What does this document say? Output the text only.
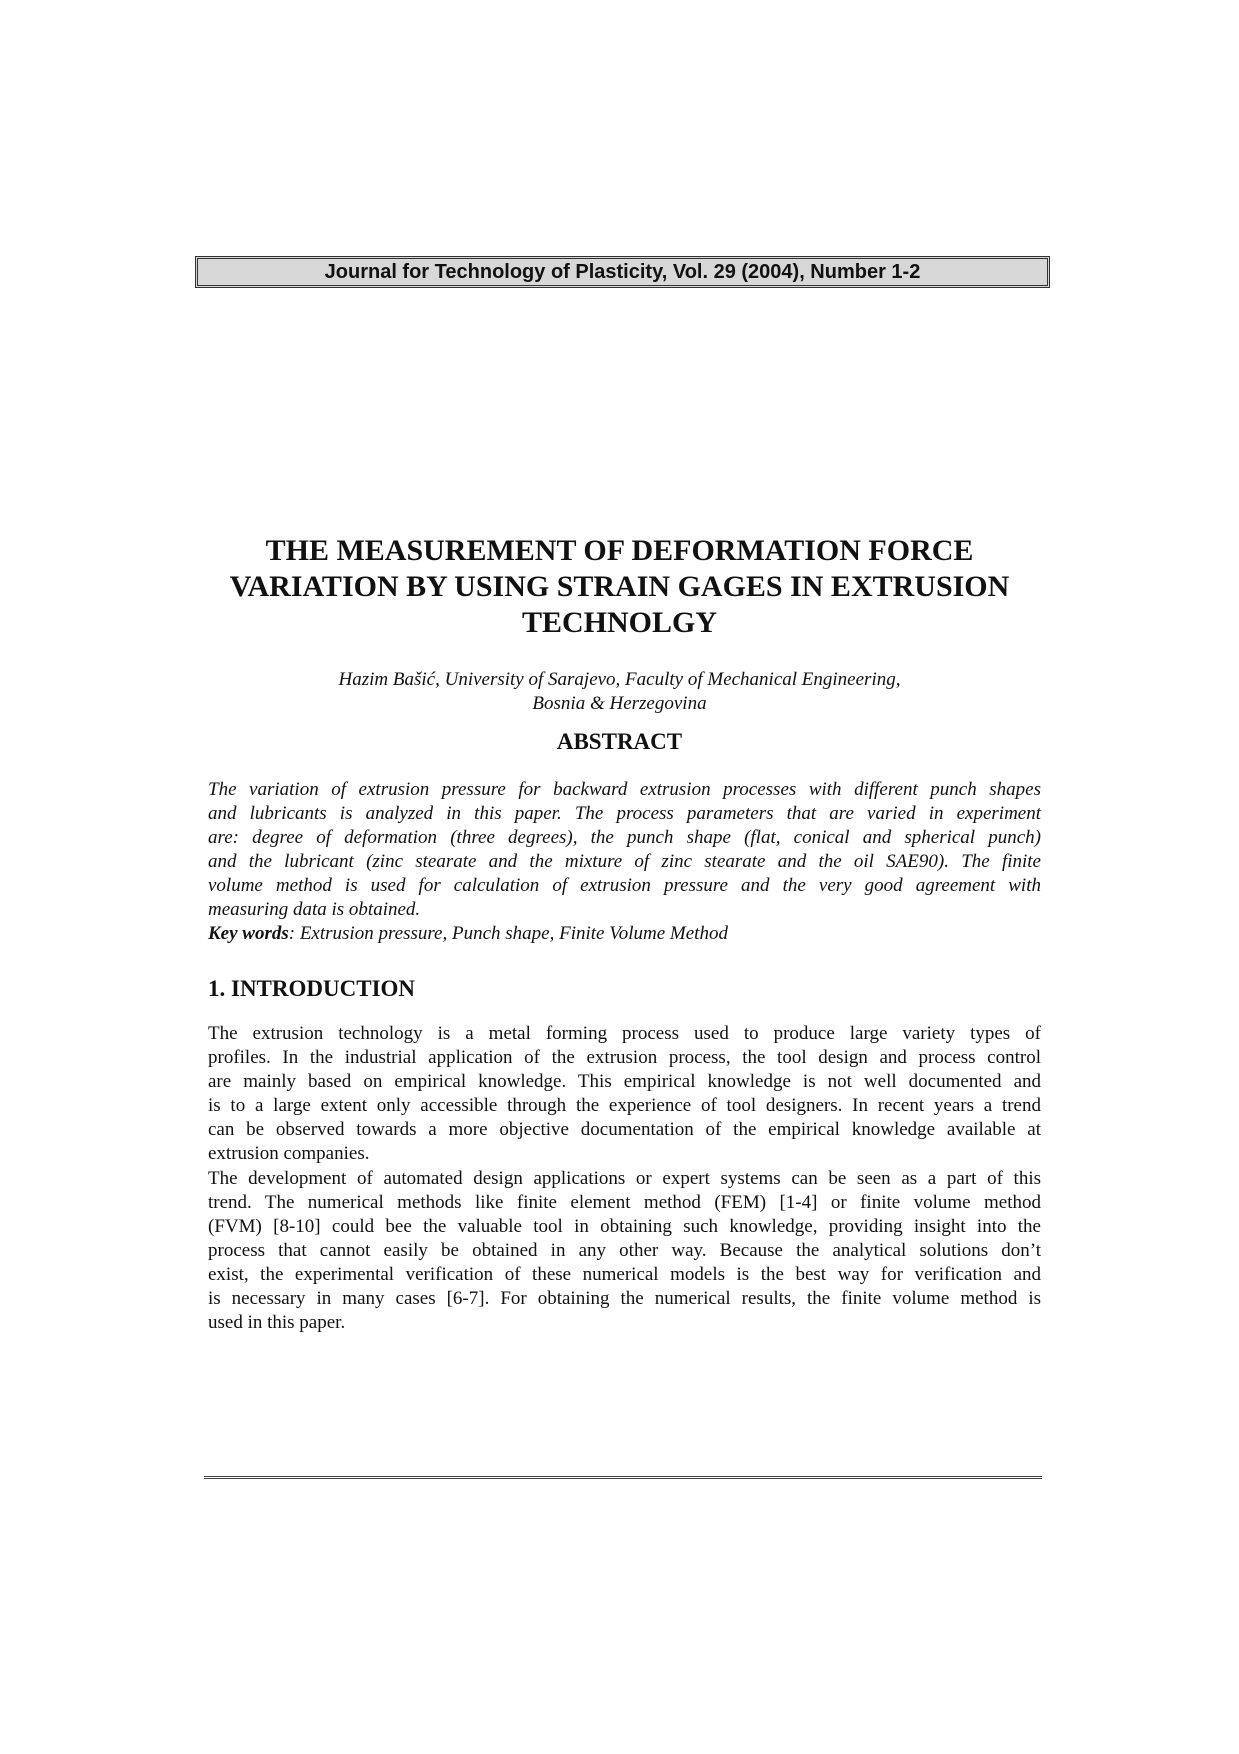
Journal for Technology of Plasticity, Vol. 29 (2004), Number 1-2
THE MEASUREMENT OF DEFORMATION FORCE
VARIATION BY USING STRAIN GAGES IN EXTRUSION
TECHNOLGY
Hazim Bašić, University of Sarajevo, Faculty of Mechanical Engineering,
Bosnia & Herzegovina
ABSTRACT
The variation of extrusion pressure for backward extrusion processes with different punch shapes
and lubricants is analyzed in this paper. The process parameters that are varied in experiment
are: degree of deformation (three degrees), the punch shape (flat, conical and spherical punch)
and the lubricant (zinc stearate and the mixture of zinc stearate and the oil SAE90). The finite
volume method is used for calculation of extrusion pressure and the very good agreement with
measuring data is obtained.
Key words: Extrusion pressure, Punch shape, Finite Volume Method
1. INTRODUCTION
The extrusion technology is a metal forming process used to produce large variety types of
profiles. In the industrial application of the extrusion process, the tool design and process control
are mainly based on empirical knowledge. This empirical knowledge is not well documented and
is to a large extent only accessible through the experience of tool designers. In recent years a trend
can be observed towards a more objective documentation of the empirical knowledge available at
extrusion companies.
The development of automated design applications or expert systems can be seen as a part of this
trend. The numerical methods like finite element method (FEM) [1-4] or finite volume method
(FVM) [8-10] could bee the valuable tool in obtaining such knowledge, providing insight into the
process that cannot easily be obtained in any other way. Because the analytical solutions don’t
exist, the experimental verification of these numerical models is the best way for verification and
is necessary in many cases [6-7]. For obtaining the numerical results, the finite volume method is
used in this paper.
